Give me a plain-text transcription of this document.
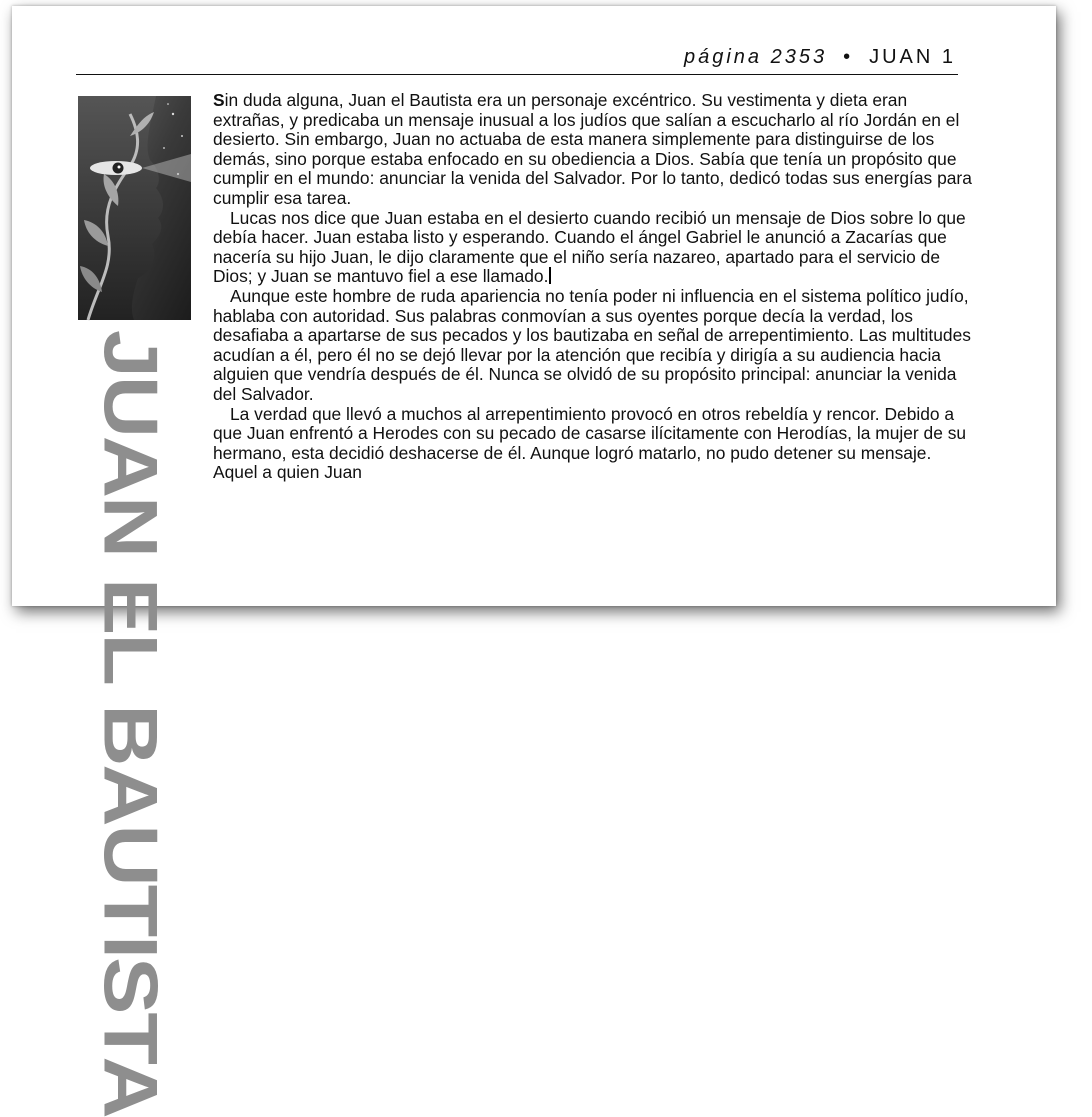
página 2353 • JUAN 1
JUAN EL BAUTISTA

Sin duda alguna, Juan el Bautista era un personaje excéntrico. Su vestimenta y dieta eran extrañas, y predicaba un mensaje inusual a los judíos que salían a escucharlo al río Jordán en el desierto. Sin embargo, Juan no actuaba de esta manera simplemente para distinguirse de los demás, sino porque estaba enfocado en su obediencia a Dios. Sabía que tenía un propósito que cumplir en el mundo: anunciar la venida del Salvador. Por lo tanto, dedicó todas sus energías para cumplir esa tarea.

Lucas nos dice que Juan estaba en el desierto cuando recibió un mensaje de Dios sobre lo que debía hacer. Juan estaba listo y esperando. Cuando el ángel Gabriel le anunció a Zacarías que nacería su hijo Juan, le dijo claramente que el niño sería nazareo, apartado para el servicio de Dios; y Juan se mantuvo fiel a ese llamado.

Aunque este hombre de ruda apariencia no tenía poder ni influencia en el sistema político judío, hablaba con autoridad. Sus palabras conmovían a sus oyentes porque decía la verdad, los desafiaba a apartarse de sus pecados y los bautizaba en señal de arrepentimiento. Las multitudes acudían a él, pero él no se dejó llevar por la atención que recibía y dirigía a su audiencia hacia alguien que vendría después de él. Nunca se olvidó de su propósito principal: anunciar la venida del Salvador.

La verdad que llevó a muchos al arrepentimiento provocó en otros rebeldía y rencor. Debido a que Juan enfrentó a Herodes con su pecado de casarse ilícitamente con Herodías, la mujer de su hermano, esta decidió deshacerse de él. Aunque logró matarlo, no pudo detener su mensaje. Aquel a quien Juan
